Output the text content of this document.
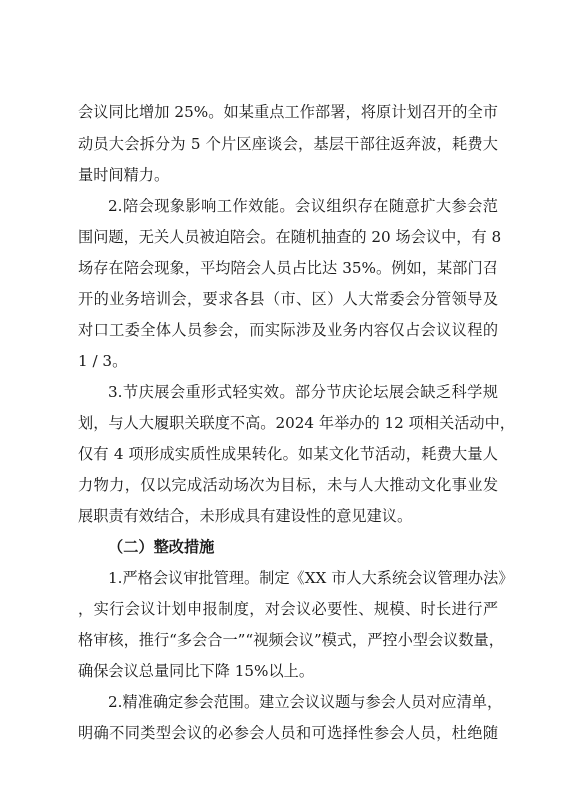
会议同比增加 25%。如某重点工作部署，将原计划召开的全市
动员大会拆分为 5 个片区座谈会，基层干部往返奔波，耗费大
量时间精力。
2.陪会现象影响工作效能。会议组织存在随意扩大参会范
围问题，无关人员被迫陪会。在随机抽查的 20 场会议中，有 8
场存在陪会现象，平均陪会人员占比达 35%。例如，某部门召
开的业务培训会，要求各县（市、区）人大常委会分管领导及
对口工委全体人员参会，而实际涉及业务内容仅占会议议程的
1 / 3。
3.节庆展会重形式轻实效。部分节庆论坛展会缺乏科学规
划，与人大履职关联度不高。2024 年举办的 12 项相关活动中，
仅有 4 项形成实质性成果转化。如某文化节活动，耗费大量人
力物力，仅以完成活动场次为目标，未与人大推动文化事业发
展职责有效结合，未形成具有建设性的意见建议。
（二）整改措施
1.严格会议审批管理。制定《XX 市人大系统会议管理办法》
，实行会议计划申报制度，对会议必要性、规模、时长进行严
格审核，推行“多会合一”“视频会议”模式，严控小型会议数量，
确保会议总量同比下降 15%以上。
2.精准确定参会范围。建立会议议题与参会人员对应清单，
明确不同类型会议的必参会人员和可选择性参会人员，杜绝随
